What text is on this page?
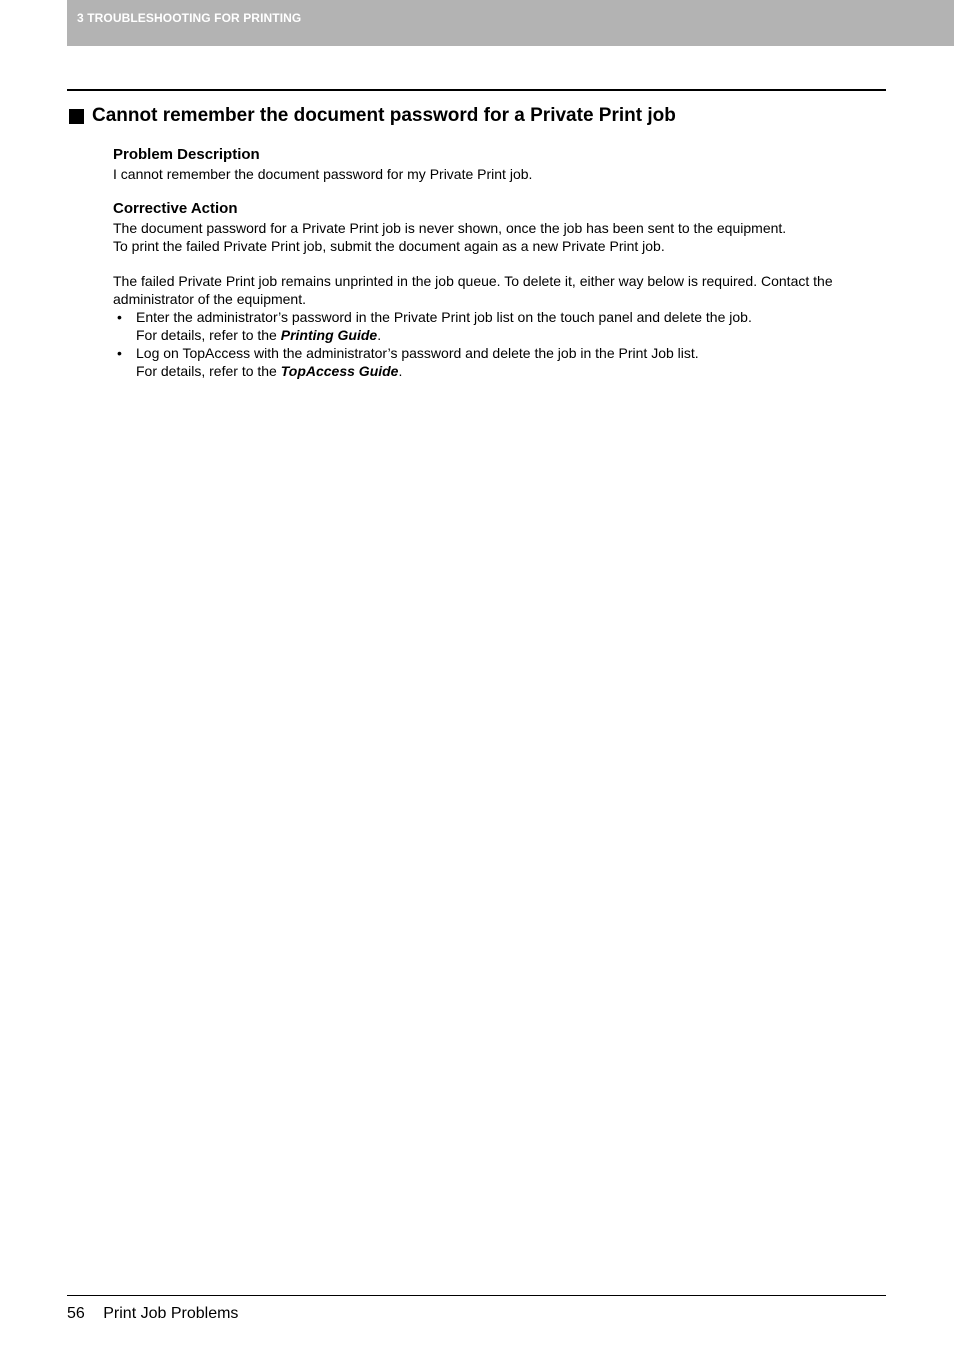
3 TROUBLESHOOTING FOR PRINTING
Cannot remember the document password for a Private Print job

Problem Description

I cannot remember the document password for my Private Print job.

Corrective Action

The document password for a Private Print job is never shown, once the job has been sent to the equipment.

To print the failed Private Print job, submit the document again as a new Private Print job.

The failed Private Print job remains unprinted in the job queue. To delete it, either way below is required. Contact the administrator of the equipment.

• Enter the administrator’s password in the Private Print job list on the touch panel and delete the job.
For details, refer to the Printing Guide.
• Log on TopAccess with the administrator’s password and delete the job in the Print Job list.
For details, refer to the TopAccess Guide.
56 Print Job Problems
